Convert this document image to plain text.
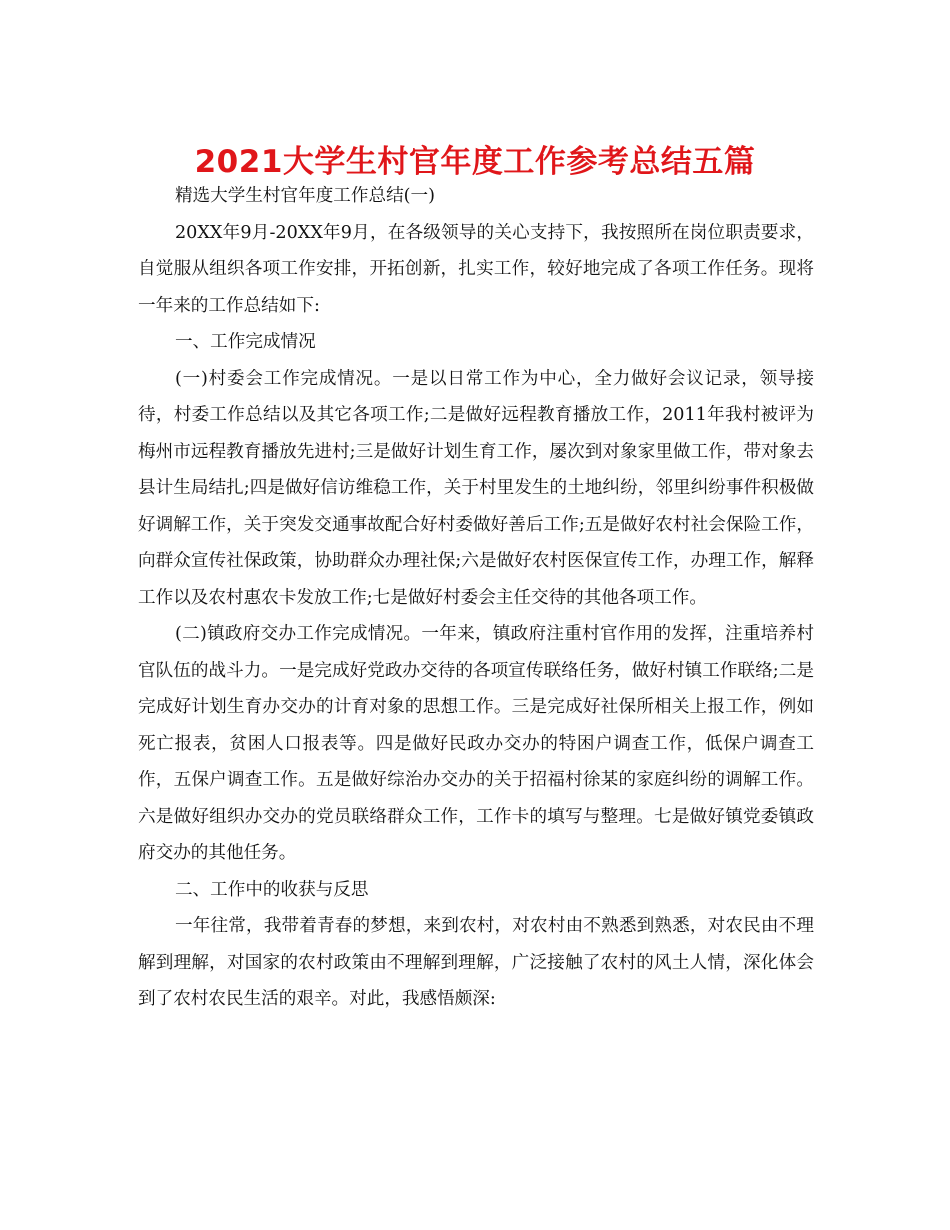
2021大学生村官年度工作参考总结五篇

精选大学生村官年度工作总结(一)

20XX年9月-20XX年9月，在各级领导的关心支持下，我按照所在岗位职责要求，自觉服从组织各项工作安排，开拓创新，扎实工作，较好地完成了各项工作任务。现将一年来的工作总结如下:

一、工作完成情况

(一)村委会工作完成情况。一是以日常工作为中心，全力做好会议记录，领导接待，村委工作总结以及其它各项工作;二是做好远程教育播放工作，2011年我村被评为梅州市远程教育播放先进村;三是做好计划生育工作，屡次到对象家里做工作，带对象去县计生局结扎;四是做好信访维稳工作，关于村里发生的土地纠纷，邻里纠纷事件积极做好调解工作，关于突发交通事故配合好村委做好善后工作;五是做好农村社会保险工作，向群众宣传社保政策，协助群众办理社保;六是做好农村医保宣传工作，办理工作，解释工作以及农村惠农卡发放工作;七是做好村委会主任交待的其他各项工作。

(二)镇政府交办工作完成情况。一年来，镇政府注重村官作用的发挥，注重培养村官队伍的战斗力。一是完成好党政办交待的各项宣传联络任务，做好村镇工作联络;二是完成好计划生育办交办的计育对象的思想工作。三是完成好社保所相关上报工作，例如死亡报表，贫困人口报表等。四是做好民政办交办的特困户调查工作，低保户调查工作，五保户调查工作。五是做好综治办交办的关于招福村徐某的家庭纠纷的调解工作。六是做好组织办交办的党员联络群众工作，工作卡的填写与整理。七是做好镇党委镇政府交办的其他任务。

二、工作中的收获与反思

一年往常，我带着青春的梦想，来到农村，对农村由不熟悉到熟悉，对农民由不理解到理解，对国家的农村政策由不理解到理解，广泛接触了农村的风土人情，深化体会到了农村农民生活的艰辛。对此，我感悟颇深:
